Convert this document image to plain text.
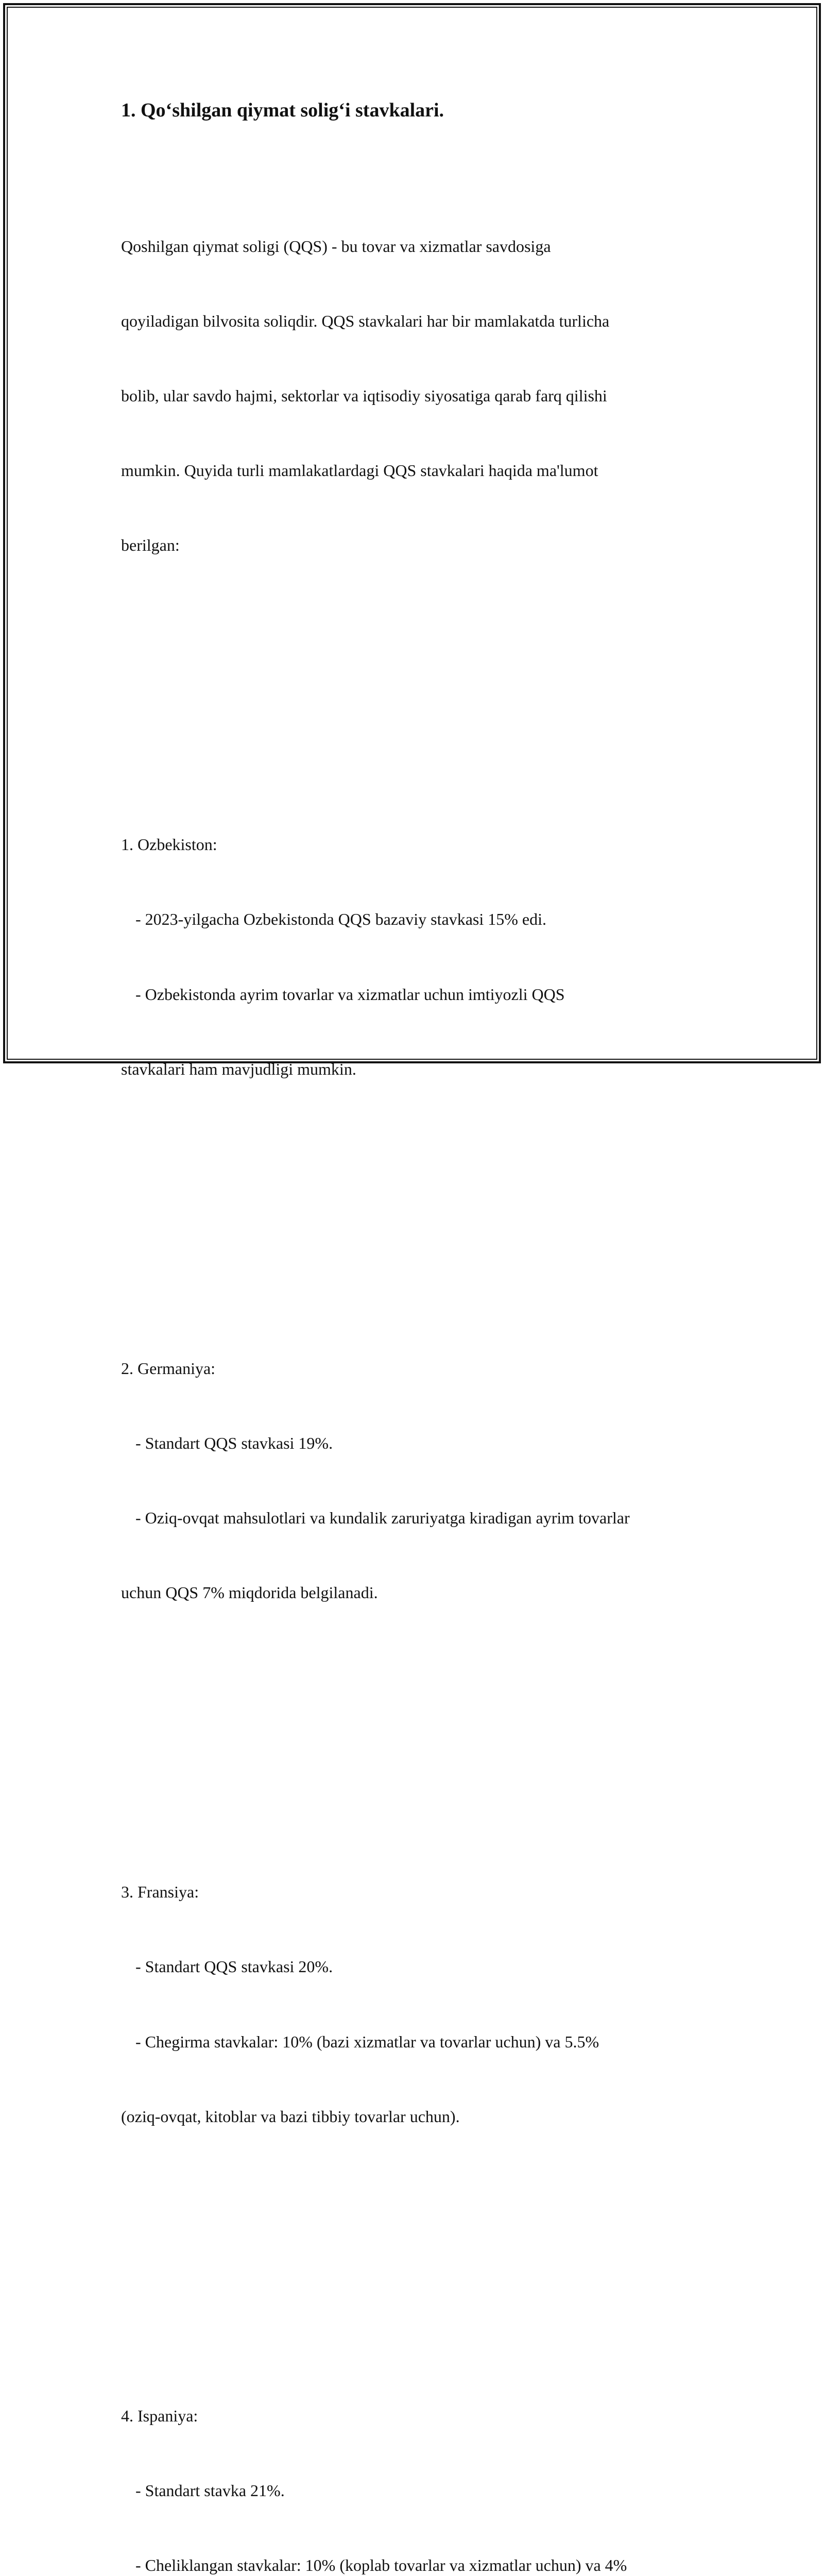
1. Qo‘shilgan qiymat solig‘i stavkalari.

Qoshilgan qiymat soligi (QQS) - bu tovar va xizmatlar savdosiga

qoyiladigan bilvosita soliqdir. QQS stavkalari har bir mamlakatda turlicha

bolib, ular savdo hajmi, sektorlar va iqtisodiy siyosatiga qarab farq qilishi

mumkin. Quyida turli mamlakatlardagi QQS stavkalari haqida ma'lumot

berilgan:

1. Ozbekiston:

- 2023-yilgacha Ozbekistonda QQS bazaviy stavkasi 15% edi.

- Ozbekistonda ayrim tovarlar va xizmatlar uchun imtiyozli QQS

stavkalari ham mavjudligi mumkin.

2. Germaniya:

- Standart QQS stavkasi 19%.

- Oziq-ovqat mahsulotlari va kundalik zaruriyatga kiradigan ayrim tovarlar

uchun QQS 7% miqdorida belgilanadi.

3. Fransiya:

- Standart QQS stavkasi 20%.

- Chegirma stavkalar: 10% (bazi xizmatlar va tovarlar uchun) va 5.5%

(oziq-ovqat, kitoblar va bazi tibbiy tovarlar uchun).

4. Ispaniya:

- Standart stavka 21%.

- Cheliklangan stavkalar: 10% (koplab tovarlar va xizmatlar uchun) va 4%
